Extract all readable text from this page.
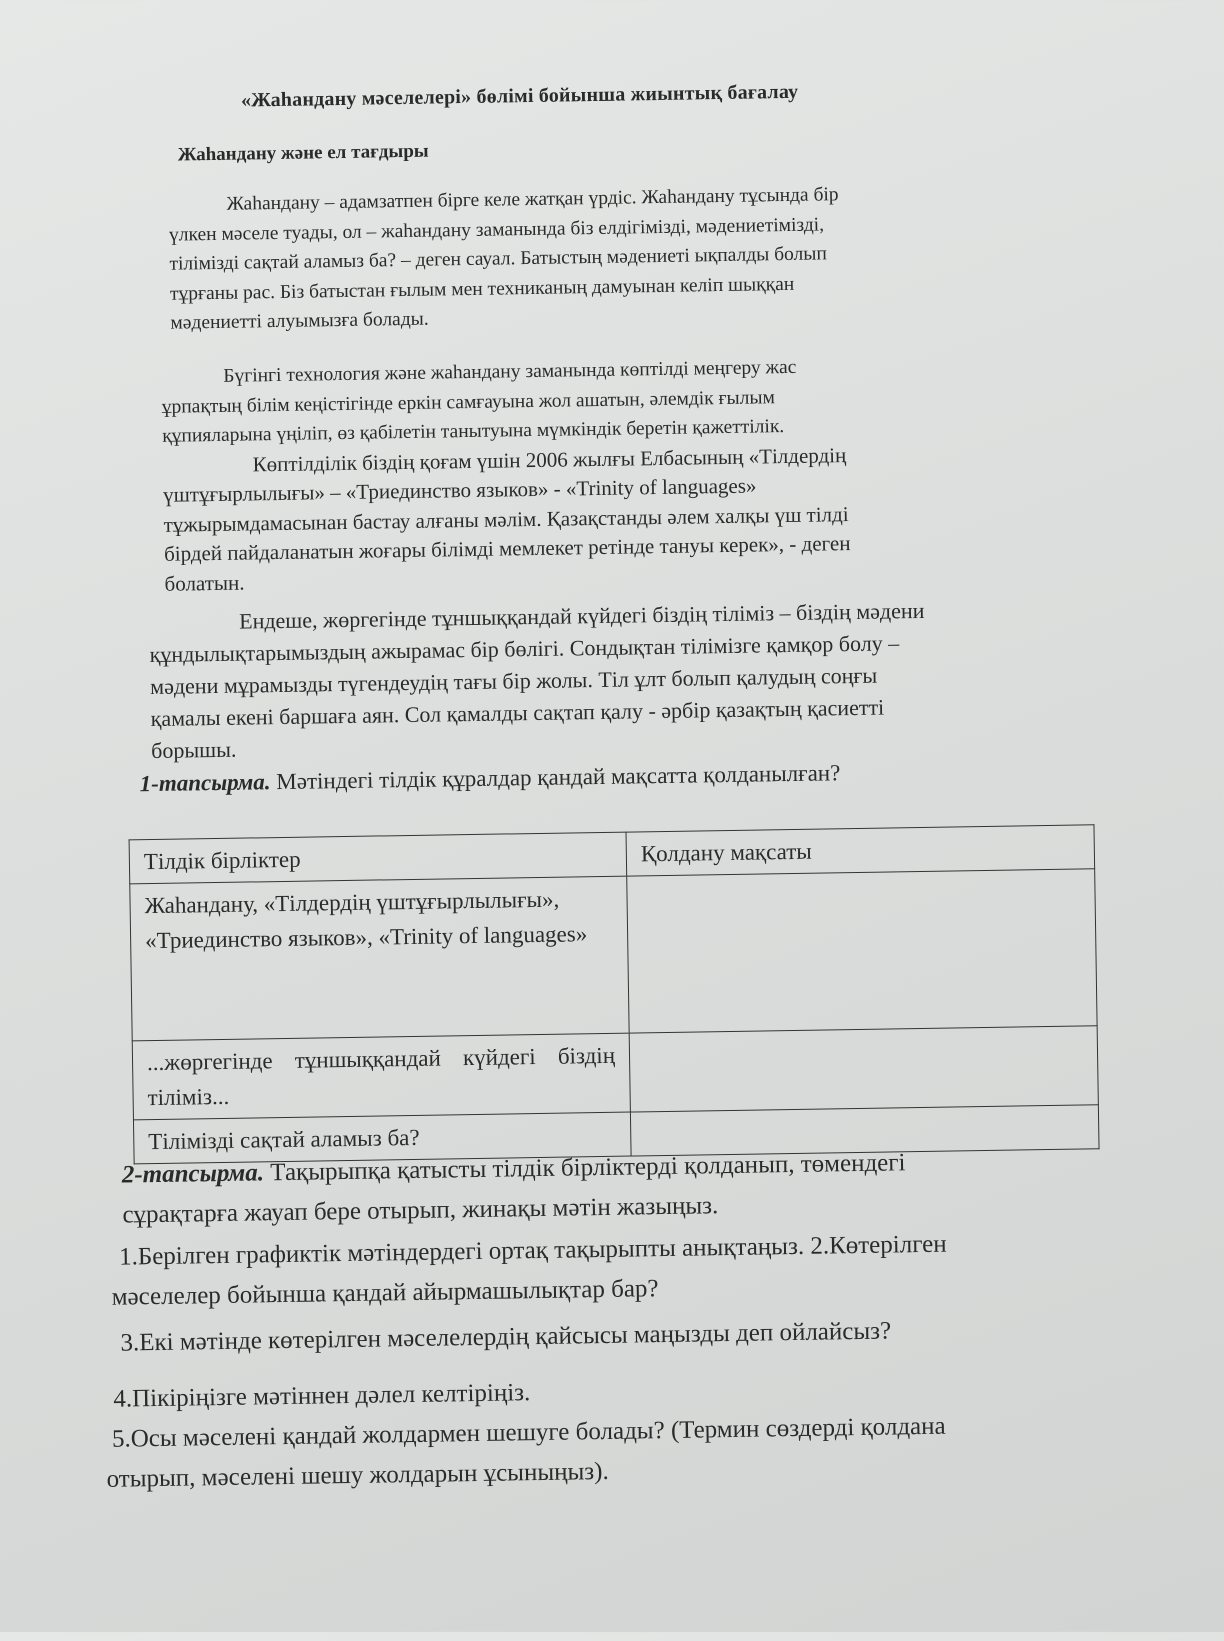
«Жаһандану мәселелері» бөлімі бойынша жиынтық бағалау
Жаһандану және ел тағдыры
Жаһандану – адамзатпен бірге келе жатқан үрдіс. Жаһандану тұсында бір
үлкен мәселе туады, ол – жаһандану заманында біз елдігімізді, мәдениетімізді,
тілімізді сақтай аламыз ба? – деген сауал. Батыстың мәдениеті ықпалды болып
тұрғаны рас. Біз батыстан ғылым мен техниканың дамуынан келіп шыққан
мәдениетті алуымызға болады.
Бүгінгі технология және жаһандану заманында көптілді меңгеру жас
ұрпақтың білім кеңістігінде еркін самғауына жол ашатын, әлемдік ғылым
құпияларына үңіліп, өз қабілетін танытуына мүмкіндік беретін қажеттілік.
Көптілділік біздің қоғам үшін 2006 жылғы Елбасының «Тілдердің
үштұғырлылығы» – «Триединство языков» - «Trinity of languages»
тұжырымдамасынан бастау алғаны мәлім. Қазақстанды әлем халқы үш тілді
бірдей пайдаланатын жоғары білімді мемлекет ретінде тануы керек», - деген
болатын.
Ендеше, жөргегінде тұншыққандай күйдегі біздің тіліміз – біздің мәдени
құндылықтарымыздың ажырамас бір бөлігі. Сондықтан тілімізге қамқор болу –
мәдени мұрамызды түгендеудің тағы бір жолы. Тіл ұлт болып қалудың соңғы
қамалы екені баршаға аян. Сол қамалды сақтап қалу - әрбір қазақтың қасиетті
борышы.
1-тапсырма. Мәтіндегі тілдік құралдар қандай мақсатта қолданылған?
Тілдік бірліктер	Қолдану мақсаты
Жаһандану, «Тілдердің үштұғырлылығы», «Триединство языков», «Trinity of languages»	
...жөргегінде тұншыққандай күйдегі біздің тіліміз...	
Тілімізді сақтай аламыз ба?	
2-тапсырма. Тақырыпқа қатысты тілдік бірліктерді қолданып, төмендегі
сұрақтарға жауап бере отырып, жинақы мәтін жазыңыз.
1.Берілген графиктік мәтіндердегі ортақ тақырыпты анықтаңыз. 2.Көтерілген
мәселелер бойынша қандай айырмашылықтар бар?
3.Екі мәтінде көтерілген мәселелердің қайсысы маңызды деп ойлайсыз?
4.Пікіріңізге мәтіннен дәлел келтіріңіз.
5.Осы мәселені қандай жолдармен шешуге болады? (Термин сөздерді қолдана
отырып, мәселені шешу жолдарын ұсыныңыз).
